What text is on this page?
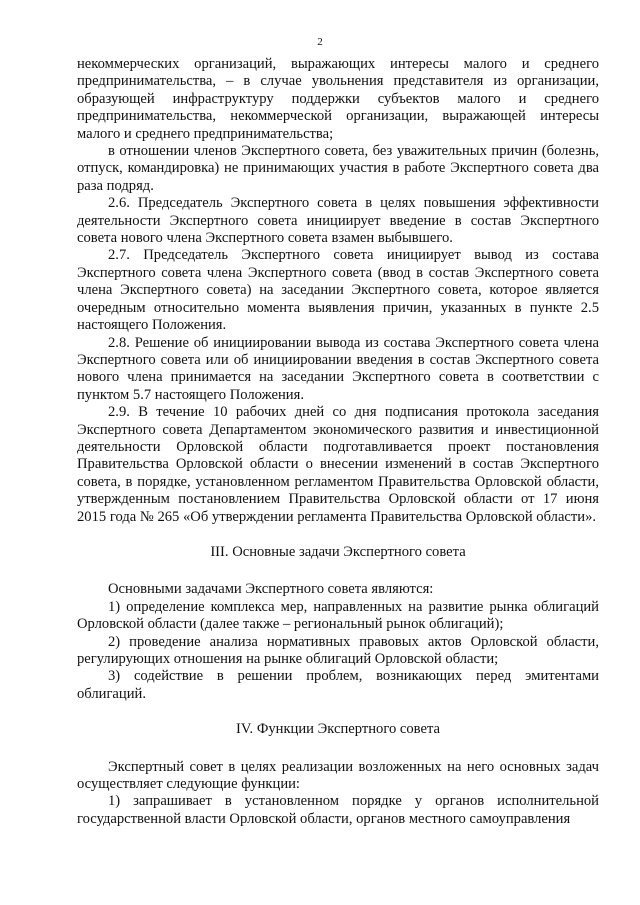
2

некоммерческих организаций, выражающих интересы малого и среднего предпринимательства, – в случае увольнения представителя из организации, образующей инфраструктуру поддержки субъектов малого и среднего предпринимательства, некоммерческой организации, выражающей интересы малого и среднего предпринимательства;

в отношении членов Экспертного совета, без уважительных причин (болезнь, отпуск, командировка) не принимающих участия в работе Экспертного совета два раза подряд.

2.6. Председатель Экспертного совета в целях повышения эффективности деятельности Экспертного совета инициирует введение в состав Экспертного совета нового члена Экспертного совета взамен выбывшего.

2.7. Председатель Экспертного совета инициирует вывод из состава Экспертного совета члена Экспертного совета (ввод в состав Экспертного совета члена Экспертного совета) на заседании Экспертного совета, которое является очередным относительно момента выявления причин, указанных в пункте 2.5 настоящего Положения.

2.8. Решение об инициировании вывода из состава Экспертного совета члена Экспертного совета или об инициировании введения в состав Экспертного совета нового члена принимается на заседании Экспертного совета в соответствии с пунктом 5.7 настоящего Положения.

2.9. В течение 10 рабочих дней со дня подписания протокола заседания Экспертного совета Департаментом экономического развития и инвестиционной деятельности Орловской области подготавливается проект постановления Правительства Орловской области о внесении изменений в состав Экспертного совета, в порядке, установленном регламентом Правительства Орловской области, утвержденным постановлением Правительства Орловской области от 17 июня 2015 года № 265 «Об утверждении регламента Правительства Орловской области».

III. Основные задачи Экспертного совета

Основными задачами Экспертного совета являются:

1) определение комплекса мер, направленных на развитие рынка облигаций Орловской области (далее также – региональный рынок облигаций);

2) проведение анализа нормативных правовых актов Орловской области, регулирующих отношения на рынке облигаций Орловской области;

3) содействие в решении проблем, возникающих перед эмитентами облигаций.

IV. Функции Экспертного совета

Экспертный совет в целях реализации возложенных на него основных задач осуществляет следующие функции:

1) запрашивает в установленном порядке у органов исполнительной государственной власти Орловской области, органов местного самоуправления
